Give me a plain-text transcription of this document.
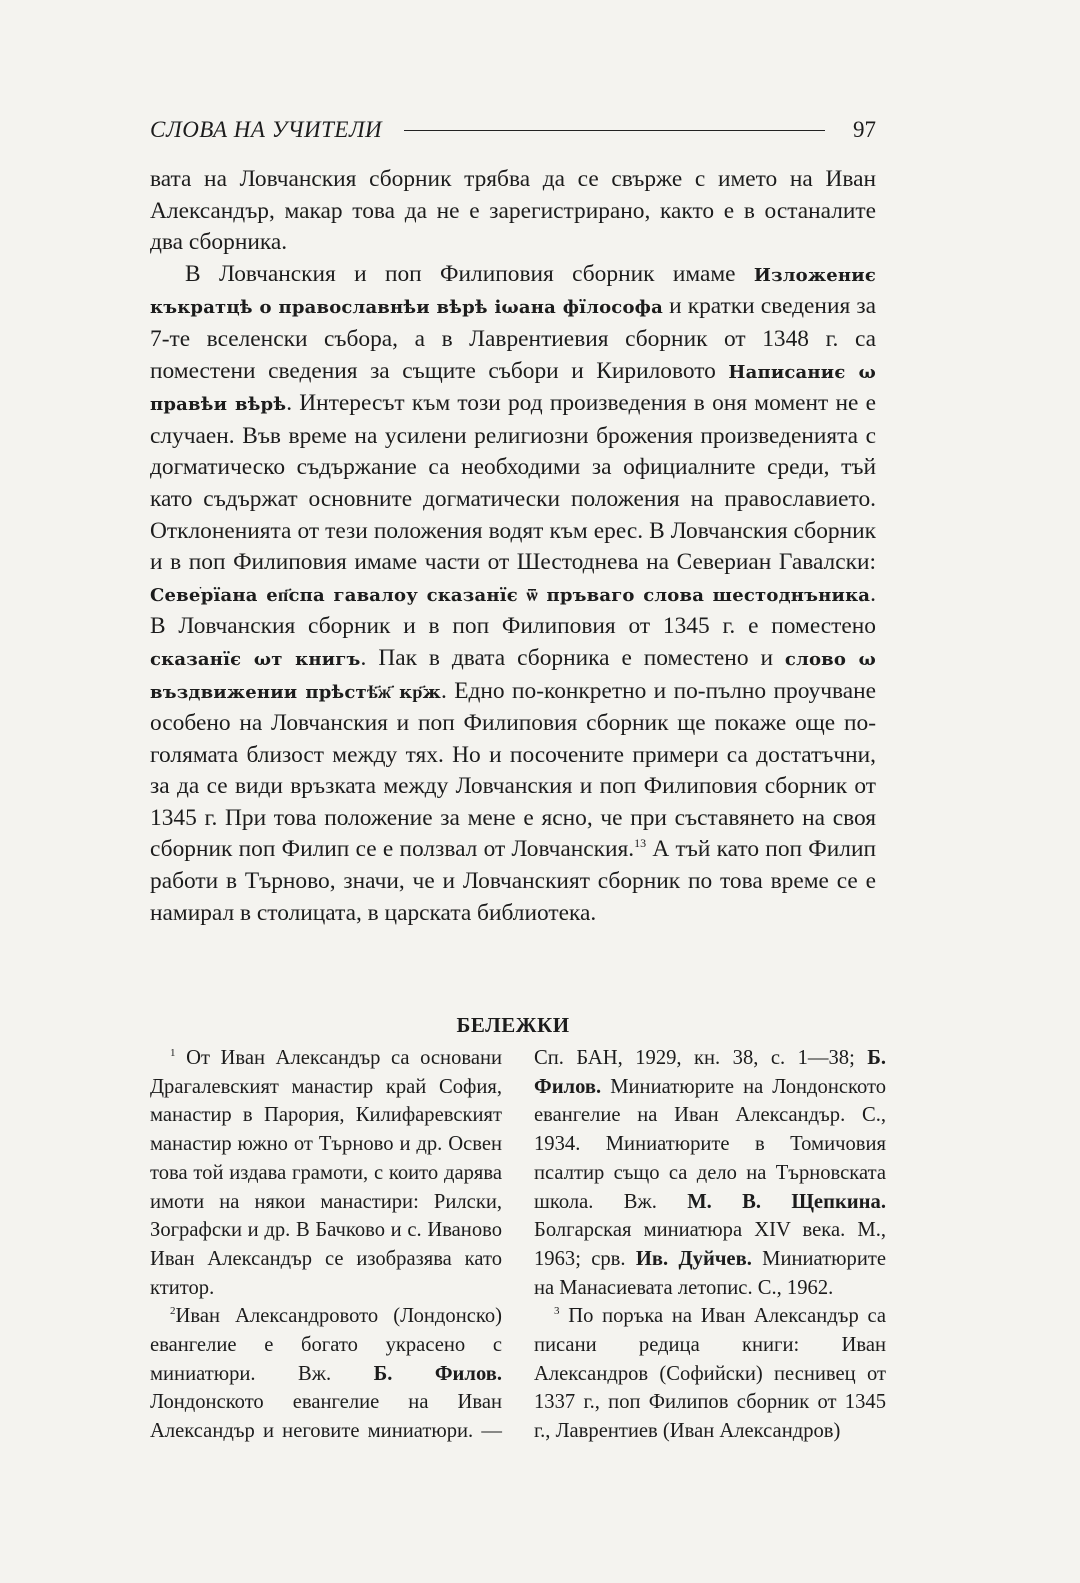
СЛОВА НА УЧИТЕЛИ	97

вата на Ловчанския сборник трябва да се свърже с името на Иван Александър, макар това да не е зарегистрирано, както е в останалите два сборника.

В Ловчанския и поп Филиповия сборник имаме Изложениє къкратцѣ о православнѣи вѣрѣ іωана фїлософа и кратки сведения за 7-те вселенски събора, а в Лаврентиевия сборник от 1348 г. са поместени сведения за същите събори и Кириловото Написаниє ω правѣи вѣрѣ. Интересът към този род произведения в оня момент не е случаен. Във време на усилени религиозни брожения произведенията с догматическо съдържание са необходими за официалните среди, тъй като съдържат основните догматически положения на православието. Отклоненията от тези положения водят към ерес. В Ловчанския сборник и в поп Филиповия имаме части от Шестоднева на Севериан Гавалски: Севеׂрїана еп҃спа гавалоу сказанїє ѿ пръваго слова шестоднъника. В Ловчанския сборник и в поп Филиповия от 1345 г. е поместено сказанїє ωт книгъ. Пак в двата сборника е поместено и слово ω въздвижении прѣстѣ҃ж҃ кр҃ж. Едно по-конкретно и по-пълно проучване особено на Ловчанския и поп Филиповия сборник ще покаже още по-голямата близост между тях. Но и посочените примери са достатъчни, за да се види връзката между Ловчанския и поп Филиповия сборник от 1345 г. При това положение за мене е ясно, че при съставянето на своя сборник поп Филип се е ползвал от Ловчанския.$^{13}$ А тъй като поп Филип работи в Търново, значи, че и Ловчанският сборник по това време се е намирал в столицата, в царската библиотека.

БЕЛЕЖКИ

$^1$ От Иван Александър са основани Драгалевският манастир край София, манастир в Парория, Килифаревският манастир южно от Търново и др. Освен това той издава грамоти, с които дарява имоти на някои манастири: Рилски, Зографски и др. В Бачково и с. Иваново Иван Александър се изобразява като ктитор.

$^2$Иван Александровото (Лондонско) евангелие е богато украсено с миниатюри. Вж. Б. Филов. Лондонското евангелие на Иван Александър и неговите миниатюри. — Сп. БАН, 1929, кн. 38, с. 1—38; Б. Филов. Миниатюрите на Лондонското евангелие на Иван Александър. С., 1934. Миниатюрите в Томичовия псалтир също са дело на Търновската школа. Вж. М. В. Щепкина. Болгарская миниатюра XIV века. М., 1963; срв. Ив. Дуйчев. Миниатюрите на Манасиевата летопис. С., 1962.

$^3$ По поръка на Иван Александър са писани редица книги: Иван Александров (Софийски) песнивец от 1337 г., поп Филипов сборник от 1345 г., Лаврентиев (Иван Александров)
